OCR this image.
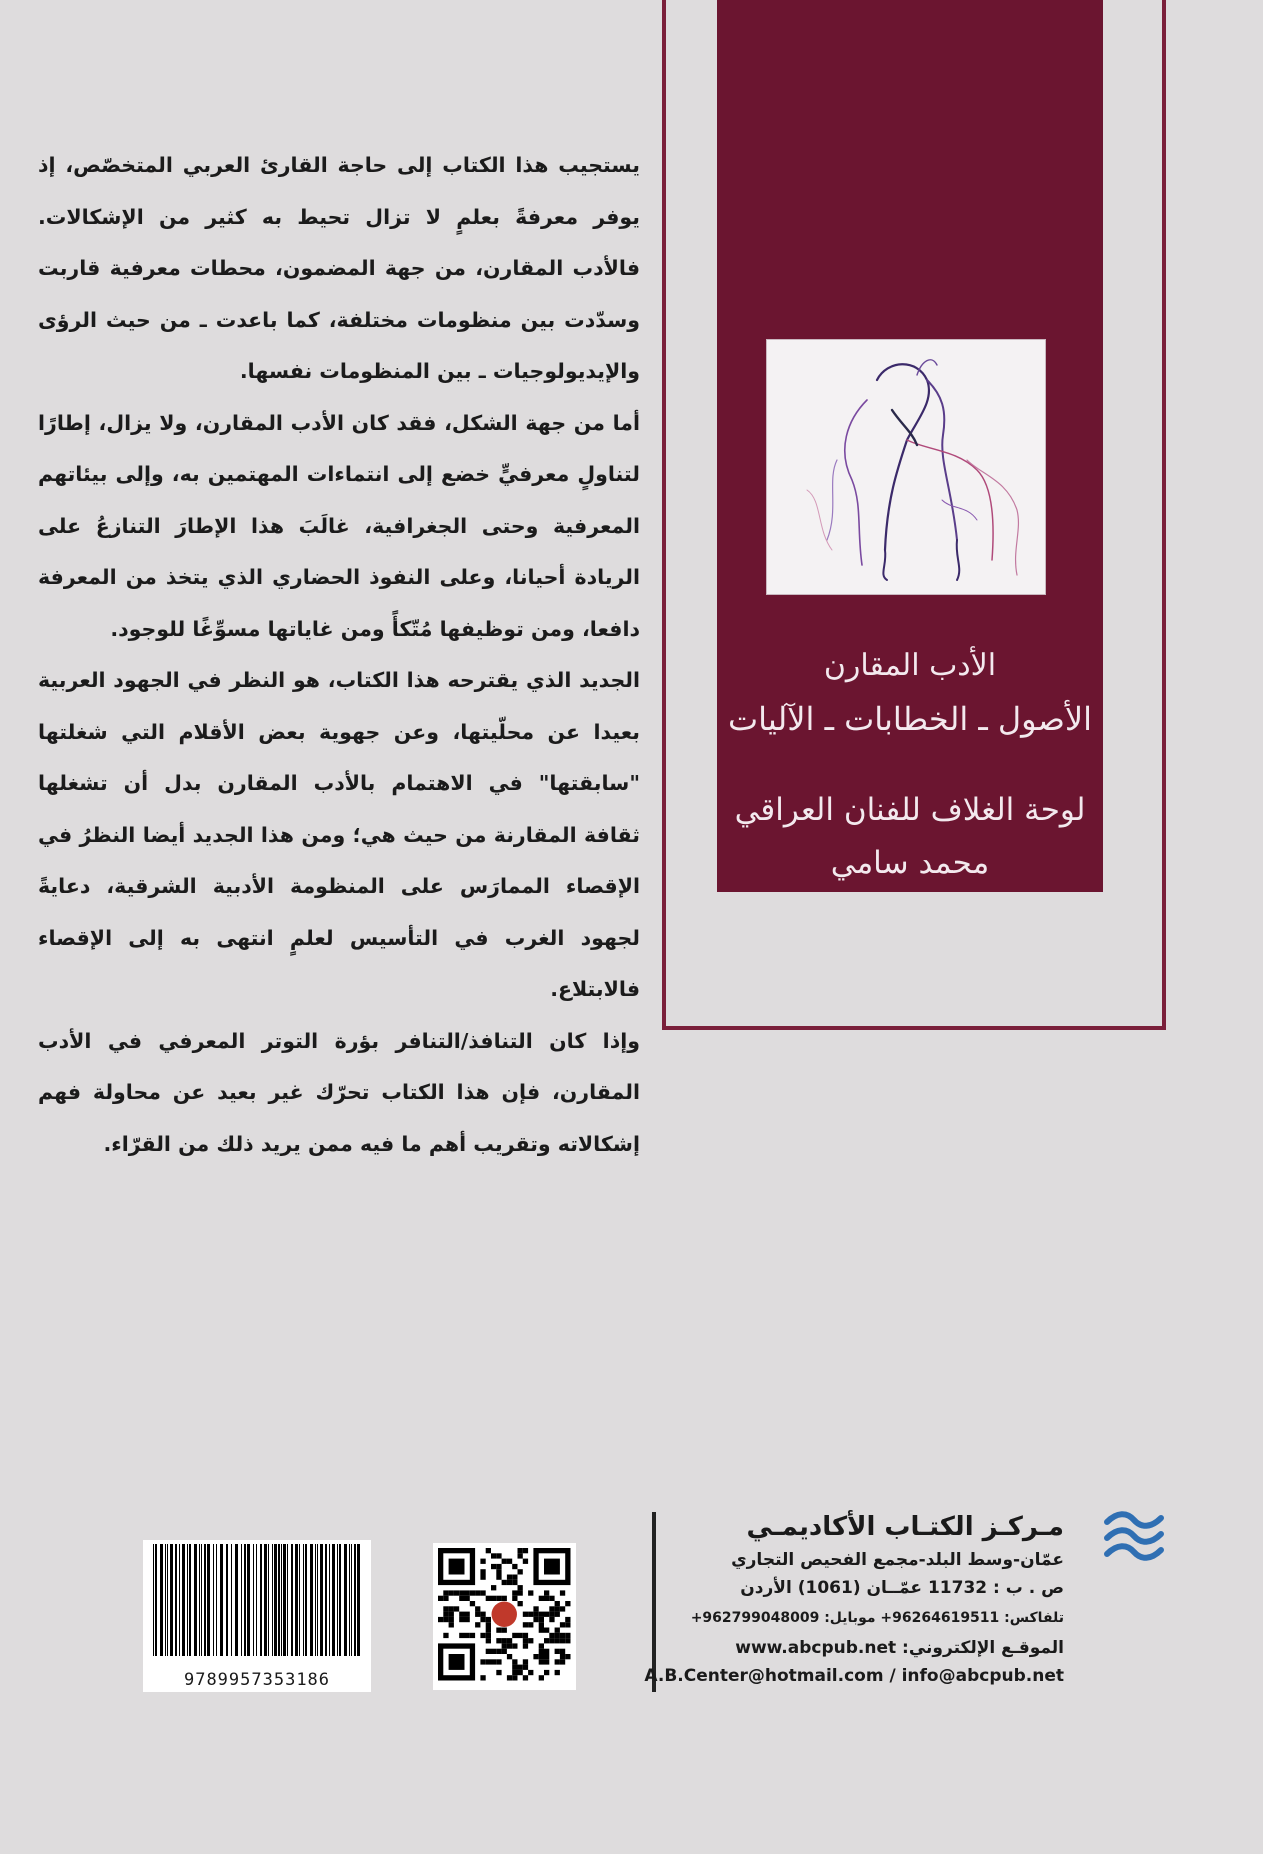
الأدب المقارن
الأصول ـ الخطابات ـ الآليات
لوحة الغلاف للفنان العراقي
محمد سامي

يستجيب هذا الكتاب إلى حاجة القارئ العربي المتخصّص، إذ يوفر معرفةً بعلمٍ لا تزال تحيط به كثير من الإشكالات. فالأدب المقارن، من جهة المضمون، محطات معرفية قاربت وسدّدت بين منظومات مختلفة، كما باعدت ـ من حيث الرؤى والإيديولوجيات ـ بين المنظومات نفسها.

أما من جهة الشكل، فقد كان الأدب المقارن، ولا يزال، إطارًا لتناولٍ معرفيٍّ خضع إلى انتماءات المهتمين به، وإلى بيئاتهم المعرفية وحتى الجغرافية، غالَبَ هذا الإطارَ التنازعُ على الريادة أحيانا، وعلى النفوذ الحضاري الذي يتخذ من المعرفة دافعا، ومن توظيفها مُتّكأً ومن غاياتها مسوِّغًا للوجود.

الجديد الذي يقترحه هذا الكتاب، هو النظر في الجهود العربية بعيدا عن محلّيتها، وعن جهوية بعض الأقلام التي شغلتها "سابقتها" في الاهتمام بالأدب المقارن بدل أن تشغلها ثقافة المقارنة من حيث هي؛ ومن هذا الجديد أيضا النظرُ في الإقصاء الممارَس على المنظومة الأدبية الشرقية، دعايةً لجهود الغرب في التأسيس لعلمٍ انتهى به إلى الإقصاء فالابتلاع.

وإذا كان التنافذ/التنافر بؤرة التوتر المعرفي في الأدب المقارن، فإن هذا الكتاب تحرّك غير بعيد عن محاولة فهم إشكالاته وتقريب أهم ما فيه ممن يريد ذلك من القرّاء.

9789957353186
مـركـز الكتـاب الأكاديمـي
عمّان-وسط البلد-مجمع الفحيص التجاري
ص . ب : 11732 عمّــان (1061) الأردن
تلفاكس: 96264619511+ موبايل: 962799048009+
الموقـع الإلكتروني: www.abcpub.net
A.B.Center@hotmail.com / info@abcpub.net
